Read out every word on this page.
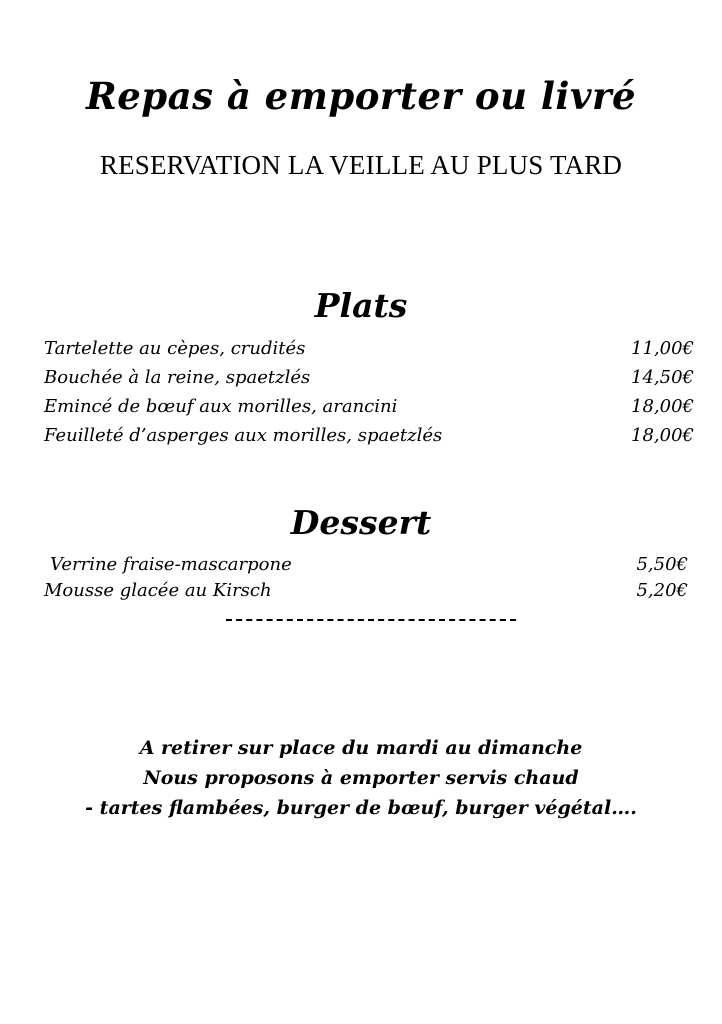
Repas à emporter ou livré
RESERVATION LA VEILLE AU PLUS TARD
Plats
Tartelette au cèpes, crudités	11,00€
Bouchée à la reine, spaetzlés	14,50€
Emincé de bœuf aux morilles, arancini	18,00€
Feuilleté d’asperges aux morilles, spaetzlés	18,00€
Dessert
Verrine fraise-mascarpone	5,50€
Mousse glacée au Kirsch	5,20€
A retirer sur place du mardi au dimanche
Nous proposons à emporter servis chaud
- tartes flambées, burger de bœuf, burger végétal….
